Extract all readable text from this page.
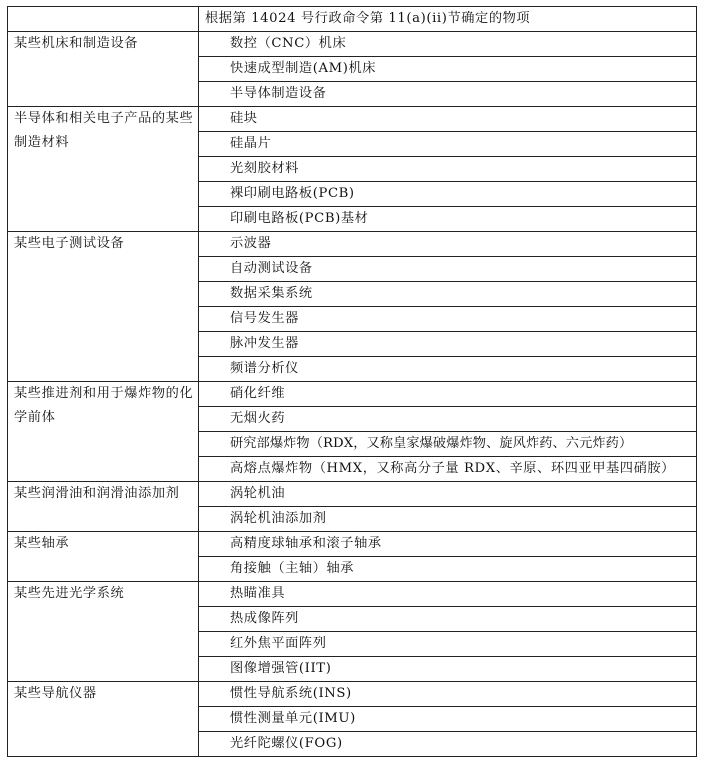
	根据第 14024 号行政命令第 11(a)(ii)节确定的物项
某些机床和制造设备	数控（CNC）机床
	快速成型制造(AM)机床
	半导体制造设备
半导体和相关电子产品的某些制造材料	硅块
	硅晶片
	光刻胶材料
	裸印刷电路板(PCB)
	印刷电路板(PCB)基材
某些电子测试设备	示波器
	自动测试设备
	数据采集系统
	信号发生器
	脉冲发生器
	频谱分析仪
某些推进剂和用于爆炸物的化学前体	硝化纤维
	无烟火药
	研究部爆炸物（RDX，又称皇家爆破爆炸物、旋风炸药、六元炸药）
	高熔点爆炸物（HMX，又称高分子量 RDX、辛原、环四亚甲基四硝胺）
某些润滑油和润滑油添加剂	涡轮机油
	涡轮机油添加剂
某些轴承	高精度球轴承和滚子轴承
	角接触（主轴）轴承
某些先进光学系统	热瞄准具
	热成像阵列
	红外焦平面阵列
	图像增强管(IIT)
某些导航仪器	惯性导航系统(INS)
	惯性测量单元(IMU)
	光纤陀螺仪(FOG)
